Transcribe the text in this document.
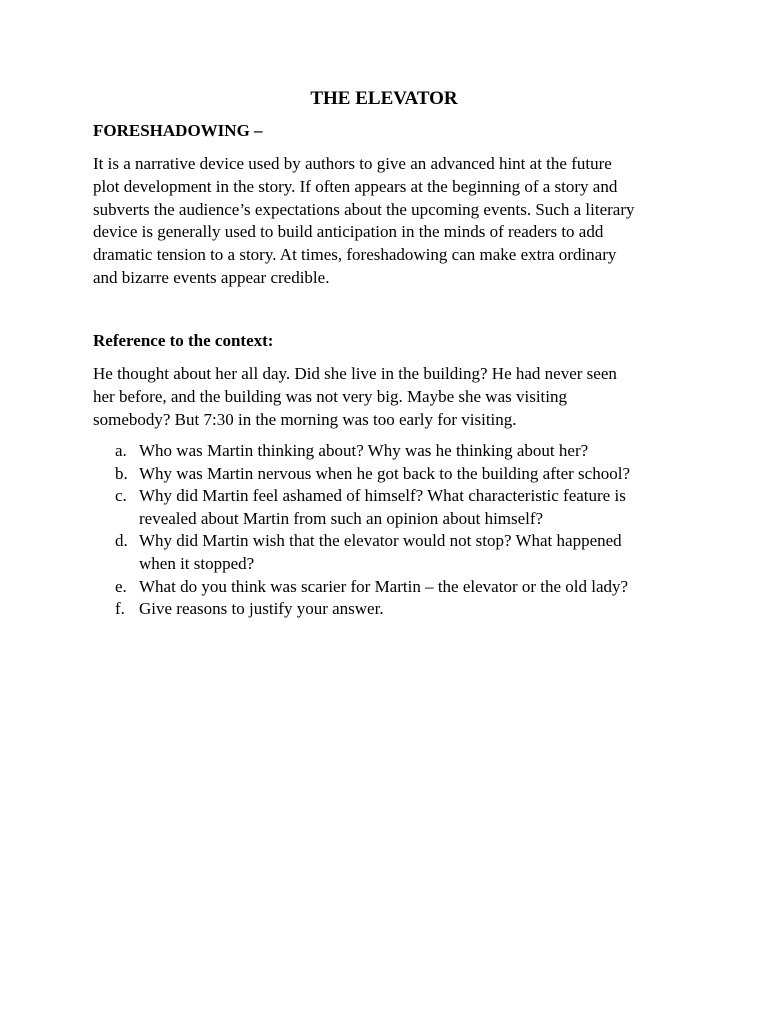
THE ELEVATOR
FORESHADOWING –
It is a narrative device used by authors to give an advanced hint at the future
plot development in the story. If often appears at the beginning of a story and
subverts the audience’s expectations about the upcoming events. Such a literary
device is generally used to build anticipation in the minds of readers to add
dramatic tension to a story. At times, foreshadowing can make extra ordinary
and bizarre events appear credible.
Reference to the context:
He thought about her all day. Did she live in the building? He had never seen
her before, and the building was not very big. Maybe she was visiting
somebody? But 7:30 in the morning was too early for visiting.
a. Who was Martin thinking about? Why was he thinking about her?
b. Why was Martin nervous when he got back to the building after school?
c. Why did Martin feel ashamed of himself? What characteristic feature is
revealed about Martin from such an opinion about himself?
d. Why did Martin wish that the elevator would not stop? What happened
when it stopped?
e. What do you think was scarier for Martin – the elevator or the old lady?
f. Give reasons to justify your answer.
